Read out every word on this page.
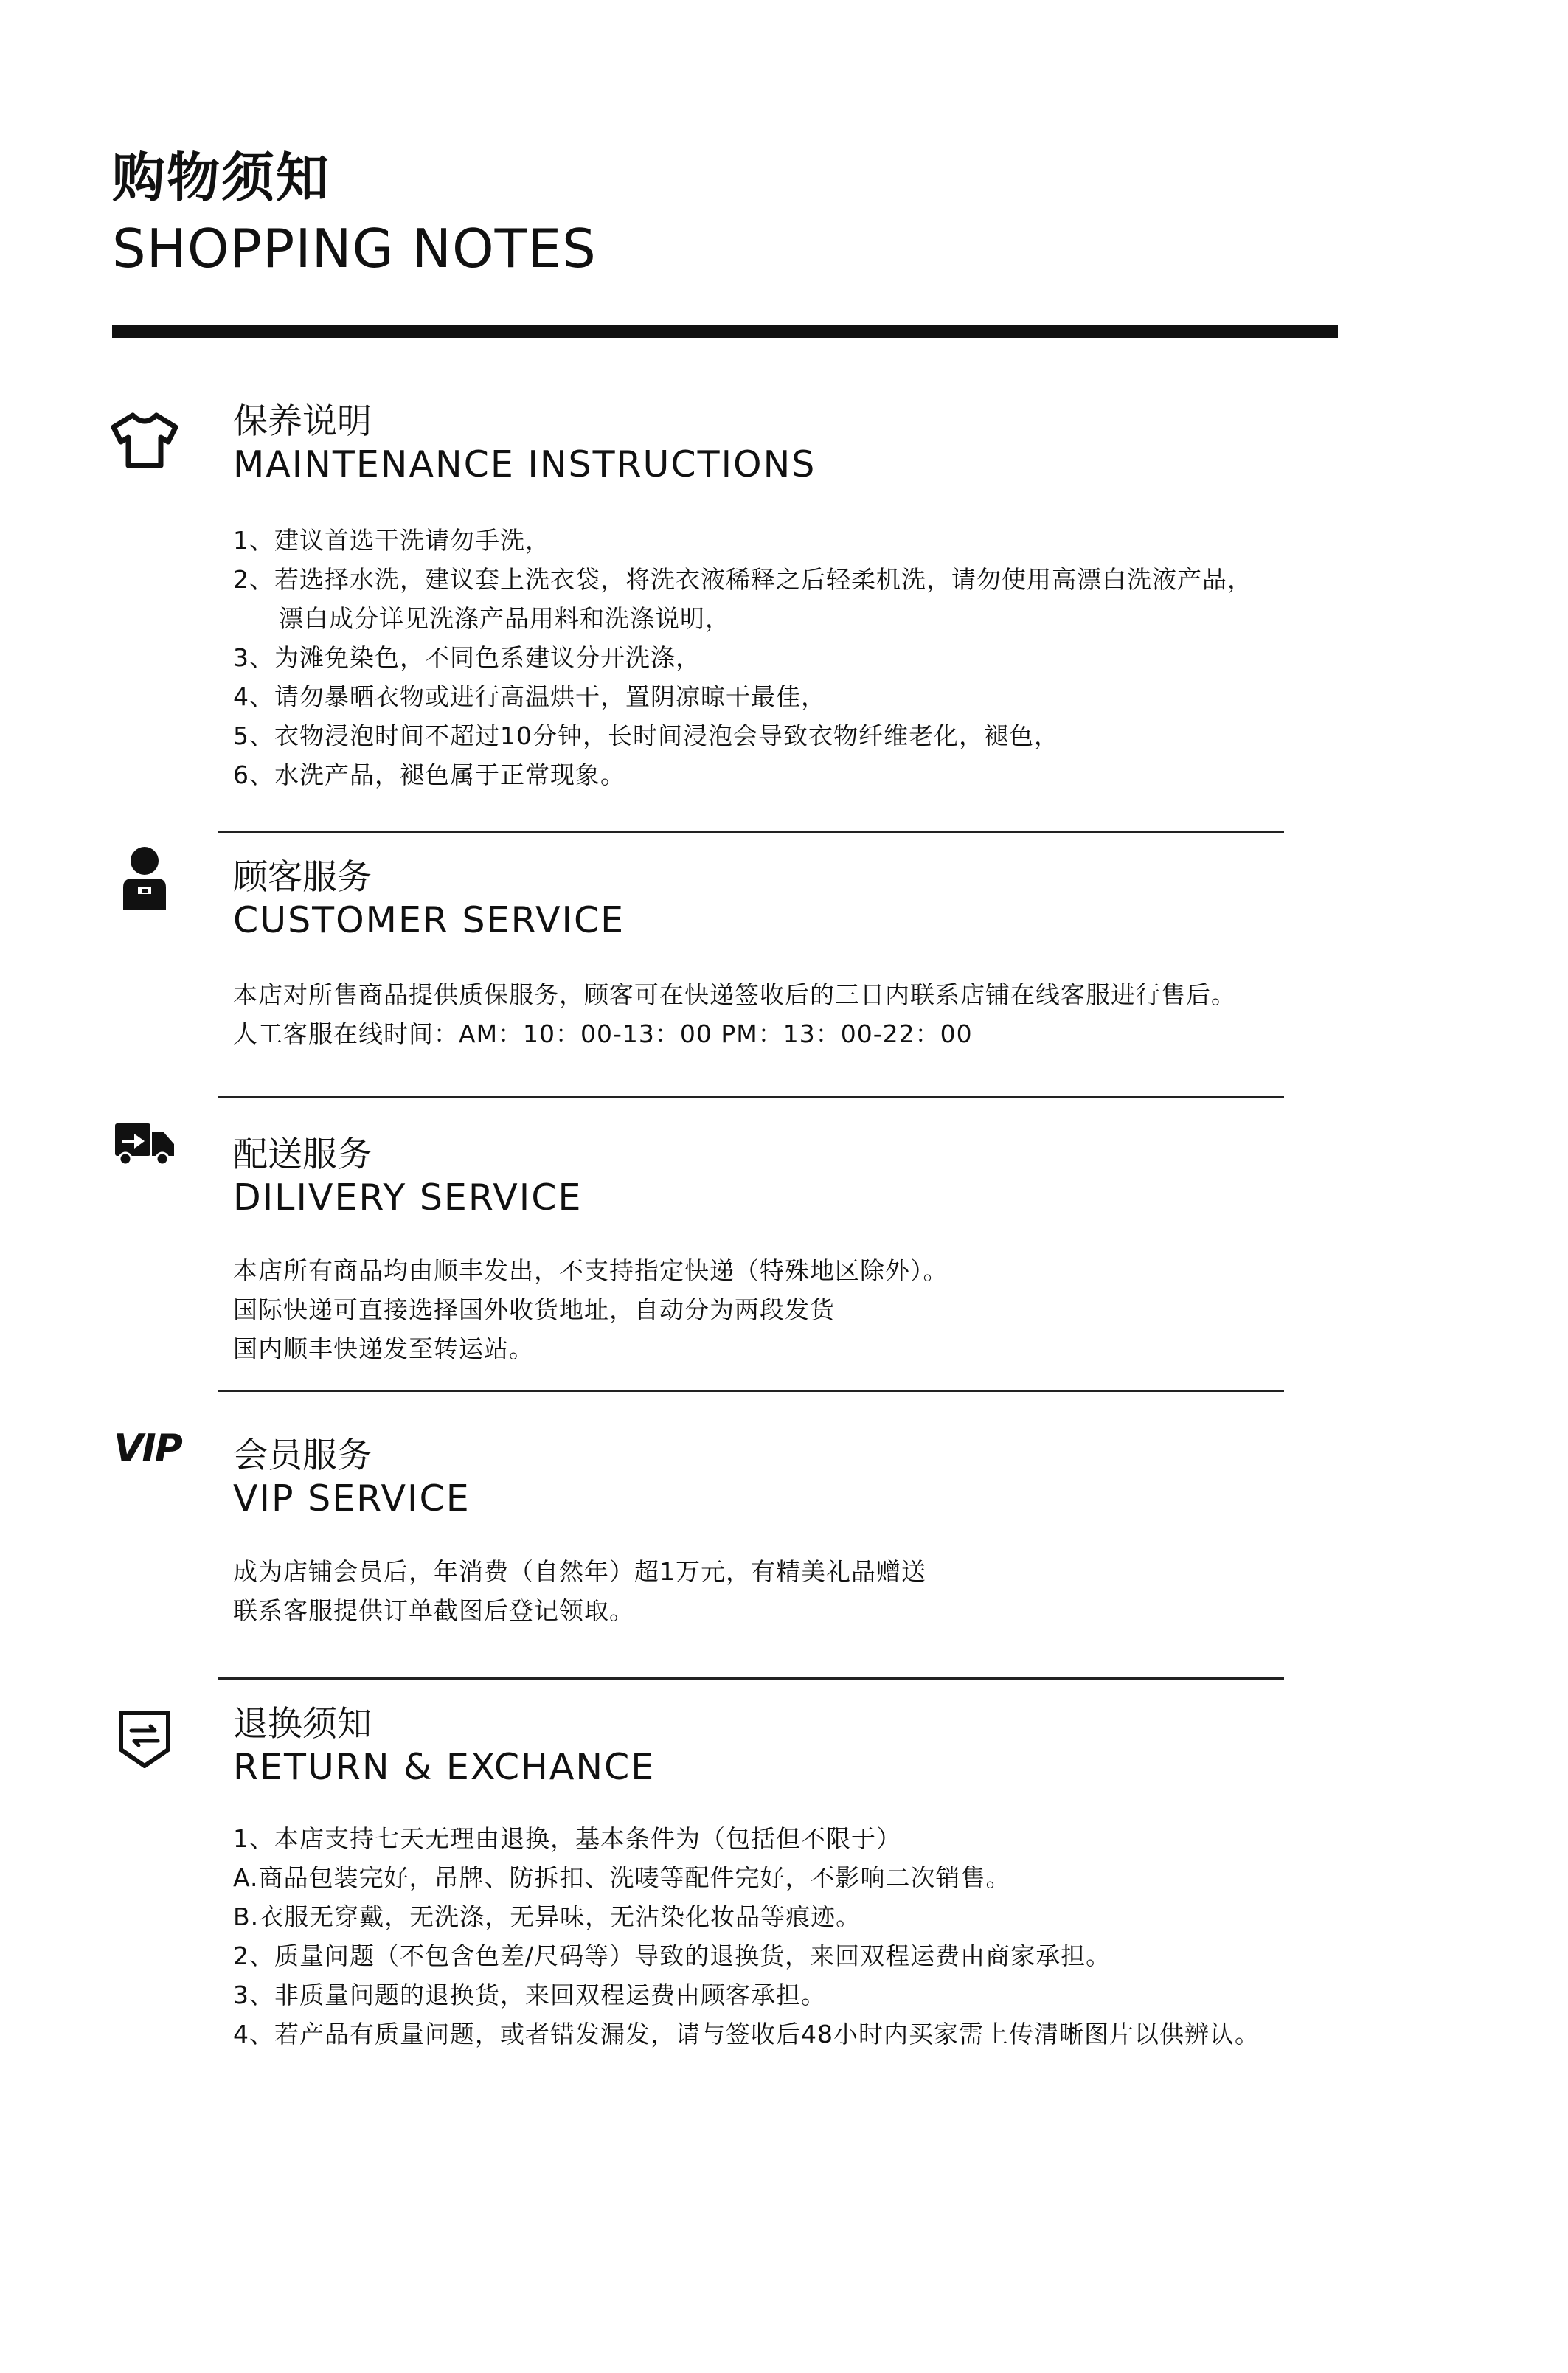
购物须知
SHOPPING NOTES
保养说明
MAINTENANCE INSTRUCTIONS
1、建议首选干洗请勿手洗，
2、若选择水洗，建议套上洗衣袋，将洗衣液稀释之后轻柔机洗，请勿使用高漂白洗液产品，
漂白成分详见洗涤产品用料和洗涤说明，
3、为滩免染色，不同色系建议分开洗涤，
4、请勿暴晒衣物或进行高温烘干，置阴凉晾干最佳，
5、衣物浸泡时间不超过10分钟，长时间浸泡会导致衣物纤维老化，褪色，
6、水洗产品，褪色属于正常现象。
顾客服务
CUSTOMER SERVICE
本店对所售商品提供质保服务，顾客可在快递签收后的三日内联系店铺在线客服进行售后。
人工客服在线时间：AM：10：00-13：00 PM：13：00-22：00
配送服务
DILIVERY SERVICE
本店所有商品均由顺丰发出，不支持指定快递（特殊地区除外）。
国际快递可直接选择国外收货地址，自动分为两段发货
国内顺丰快递发至转运站。
VIP 会员服务
VIP SERVICE
成为店铺会员后，年消费（自然年）超1万元，有精美礼品赠送
联系客服提供订单截图后登记领取。
退换须知
RETURN & EXCHANCE
1、本店支持七天无理由退换，基本条件为（包括但不限于）
A.商品包装完好，吊牌、防拆扣、洗唛等配件完好，不影响二次销售。
B.衣服无穿戴，无洗涤，无异味，无沾染化妆品等痕迹。
2、质量问题（不包含色差/尺码等）导致的退换货，来回双程运费由商家承担。
3、非质量问题的退换货，来回双程运费由顾客承担。
4、若产品有质量问题，或者错发漏发，请与签收后48小时内买家需上传清晰图片以供辨认。
